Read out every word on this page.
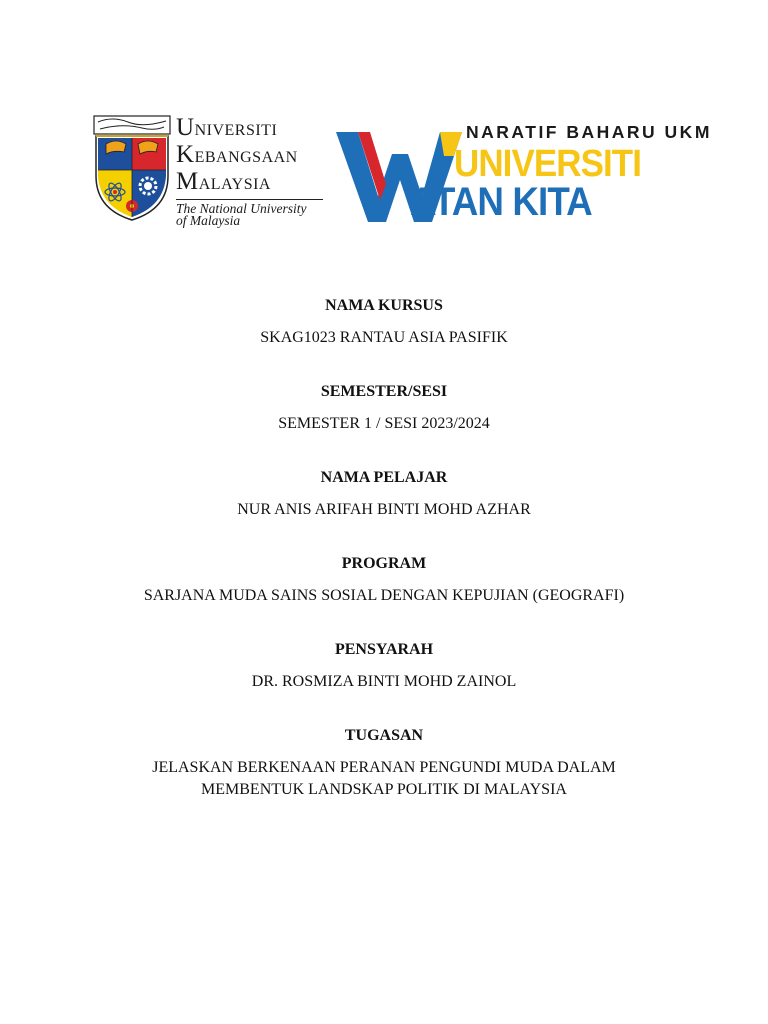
UNIVERSITI
KEBANGSAAN
MALAYSIA
The National University
of Malaysia
NARATIF BAHARU UKM
UNIVERSITI
ATAN KITA
NAMA KURSUS
SKAG1023 RANTAU ASIA PASIFIK
SEMESTER/SESI
SEMESTER 1 / SESI 2023/2024
NAMA PELAJAR
NUR ANIS ARIFAH BINTI MOHD AZHAR
PROGRAM
SARJANA MUDA SAINS SOSIAL DENGAN KEPUJIAN (GEOGRAFI)
PENSYARAH
DR. ROSMIZA BINTI MOHD ZAINOL
TUGASAN
JELASKAN BERKENAAN PERANAN PENGUNDI MUDA DALAM
MEMBENTUK LANDSKAP POLITIK DI MALAYSIA
